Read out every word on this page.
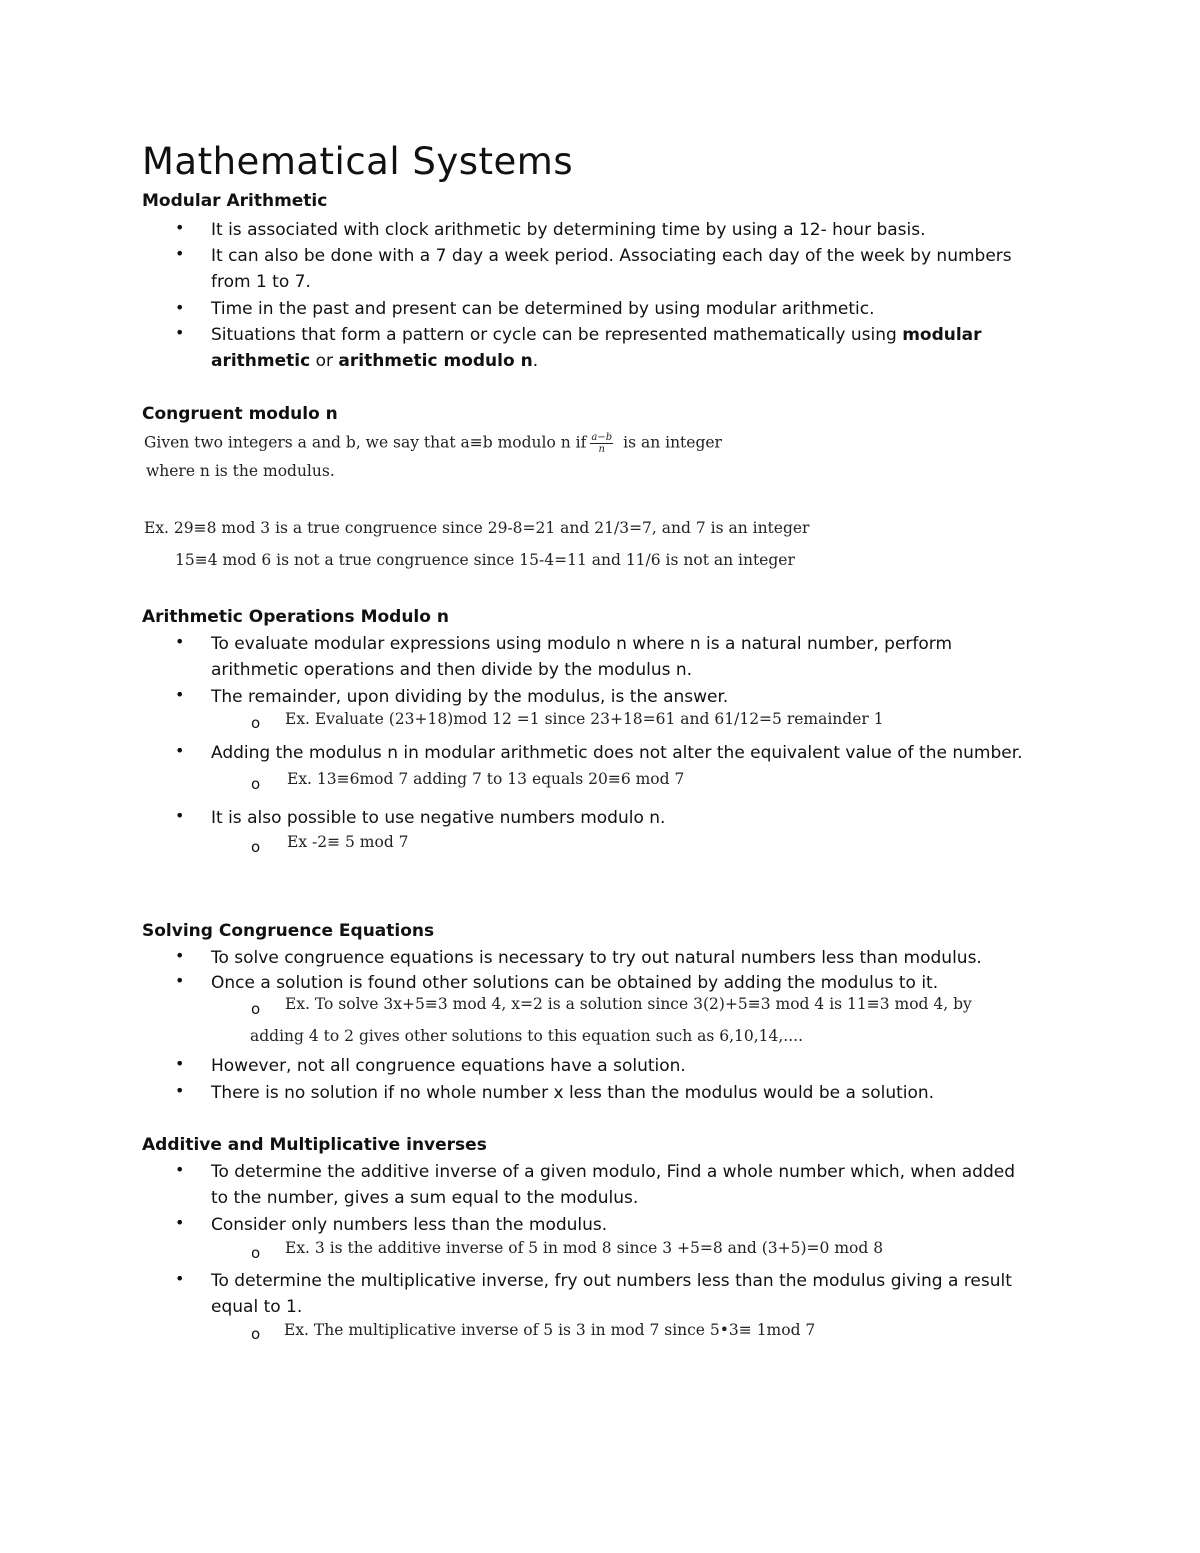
Mathematical Systems
Modular Arithmetic
• It is associated with clock arithmetic by determining time by using a 12- hour basis.
• It can also be done with a 7 day a week period. Associating each day of the week by numbers
from 1 to 7.
• Time in the past and present can be determined by using modular arithmetic.
• Situations that form a pattern or cycle can be represented mathematically using modular
arithmetic or arithmetic modulo n.
Congruent modulo n
Given two integers a and b, we say that a≡b modulo n if $\frac{a-b}{n}$ is an integer
where n is the modulus.
Ex. 29≡8 mod 3 is a true congruence since 29-8=21 and 21/3=7, and 7 is an integer
15≡4 mod 6 is not a true congruence since 15-4=11 and 11/6 is not an integer
Arithmetic Operations Modulo n
• To evaluate modular expressions using modulo n where n is a natural number, perform
arithmetic operations and then divide by the modulus n.
• The remainder, upon dividing by the modulus, is the answer.
o Ex. Evaluate (23+18)mod 12 =1 since 23+18=61 and 61/12=5 remainder 1
• Adding the modulus n in modular arithmetic does not alter the equivalent value of the number.
o Ex. 13≡6mod 7 adding 7 to 13 equals 20≡6 mod 7
• It is also possible to use negative numbers modulo n.
o Ex -2≡ 5 mod 7
Solving Congruence Equations
• To solve congruence equations is necessary to try out natural numbers less than modulus.
• Once a solution is found other solutions can be obtained by adding the modulus to it.
o Ex. To solve 3x+5≡3 mod 4, x=2 is a solution since 3(2)+5≡3 mod 4 is 11≡3 mod 4, by
adding 4 to 2 gives other solutions to this equation such as 6,10,14,....
• However, not all congruence equations have a solution.
• There is no solution if no whole number x less than the modulus would be a solution.
Additive and Multiplicative inverses
• To determine the additive inverse of a given modulo, Find a whole number which, when added
to the number, gives a sum equal to the modulus.
• Consider only numbers less than the modulus.
o Ex. 3 is the additive inverse of 5 in mod 8 since 3 +5=8 and (3+5)=0 mod 8
• To determine the multiplicative inverse, fry out numbers less than the modulus giving a result
equal to 1.
o Ex. The multiplicative inverse of 5 is 3 in mod 7 since 5•3≡ 1mod 7
